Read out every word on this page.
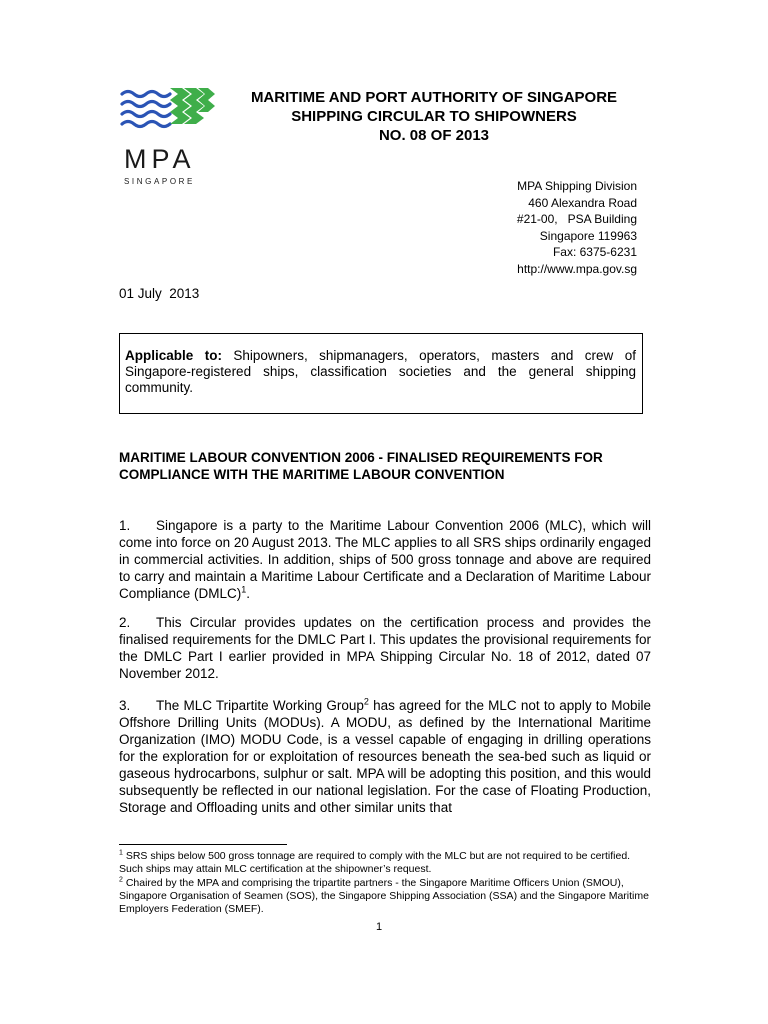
MPA
SINGAPORE
MARITIME AND PORT AUTHORITY OF SINGAPORE
SHIPPING CIRCULAR TO SHIPOWNERS
NO. 08 OF 2013
MPA Shipping Division
460 Alexandra Road
#21-00,   PSA Building
Singapore 119963
Fax: 6375-6231
http://www.mpa.gov.sg
01 July  2013
Applicable to: Shipowners, shipmanagers, operators, masters and crew of Singapore-registered ships, classification societies and the general shipping community.
MARITIME LABOUR CONVENTION 2006 - FINALISED REQUIREMENTS FOR
COMPLIANCE WITH THE MARITIME LABOUR CONVENTION
1. Singapore is a party to the Maritime Labour Convention 2006 (MLC), which will come into force on 20 August 2013. The MLC applies to all SRS ships ordinarily engaged in commercial activities. In addition, ships of 500 gross tonnage and above are required to carry and maintain a Maritime Labour Certificate and a Declaration of Maritime Labour Compliance (DMLC)$^1$.
2. This Circular provides updates on the certification process and provides the finalised requirements for the DMLC Part I. This updates the provisional requirements for the DMLC Part I earlier provided in MPA Shipping Circular No. 18 of 2012, dated 07 November 2012.
3. The MLC Tripartite Working Group$^2$ has agreed for the MLC not to apply to Mobile Offshore Drilling Units (MODUs). A MODU, as defined by the International Maritime Organization (IMO) MODU Code, is a vessel capable of engaging in drilling operations for the exploration for or exploitation of resources beneath the sea-bed such as liquid or gaseous hydrocarbons, sulphur or salt. MPA will be adopting this position, and this would subsequently be reflected in our national legislation. For the case of Floating Production, Storage and Offloading units and other similar units that
$^1$ SRS ships below 500 gross tonnage are required to comply with the MLC but are not required to be certified. Such ships may attain MLC certification at the shipowner’s request.
$^2$ Chaired by the MPA and comprising the tripartite partners - the Singapore Maritime Officers Union (SMOU), Singapore Organisation of Seamen (SOS), the Singapore Shipping Association (SSA) and the Singapore Maritime Employers Federation (SMEF).
1
